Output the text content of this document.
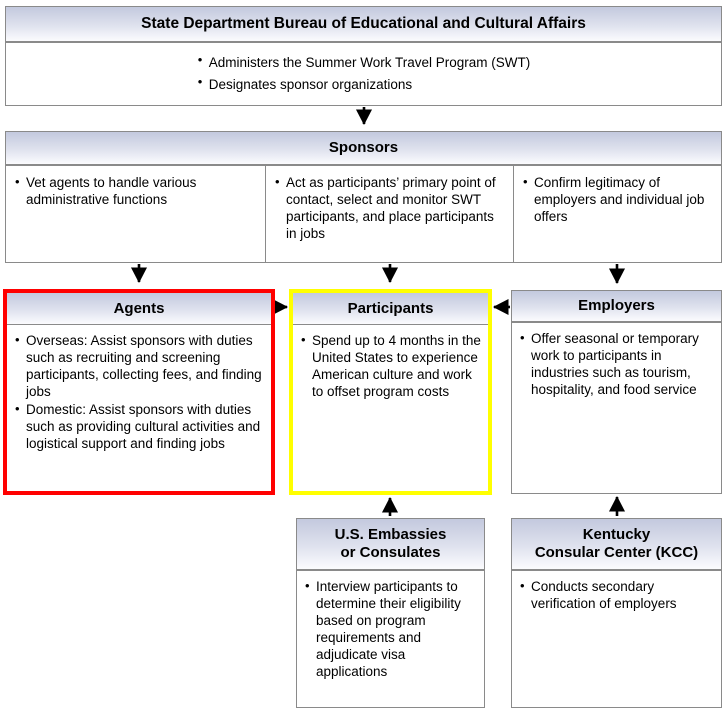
State Department Bureau of Educational and Cultural Affairs
• Administers the Summer Work Travel Program (SWT)
• Designates sponsor organizations
Sponsors
• Vet agents to handle various administrative functions
• Act as participants’ primary point of contact, select and monitor SWT participants, and place participants in jobs
• Confirm legitimacy of employers and individual job offers
Agents
• Overseas: Assist sponsors with duties such as recruiting and screening participants, collecting fees, and finding jobs
• Domestic: Assist sponsors with duties such as providing cultural activities and logistical support and finding jobs
Participants
• Spend up to 4 months in the United States to experience American culture and work to offset program costs
Employers
• Offer seasonal or temporary work to participants in industries such as tourism, hospitality, and food service
U.S. Embassies
or Consulates
• Interview participants to determine their eligibility based on program requirements and adjudicate visa applications
Kentucky
Consular Center (KCC)
• Conducts secondary verification of employers
